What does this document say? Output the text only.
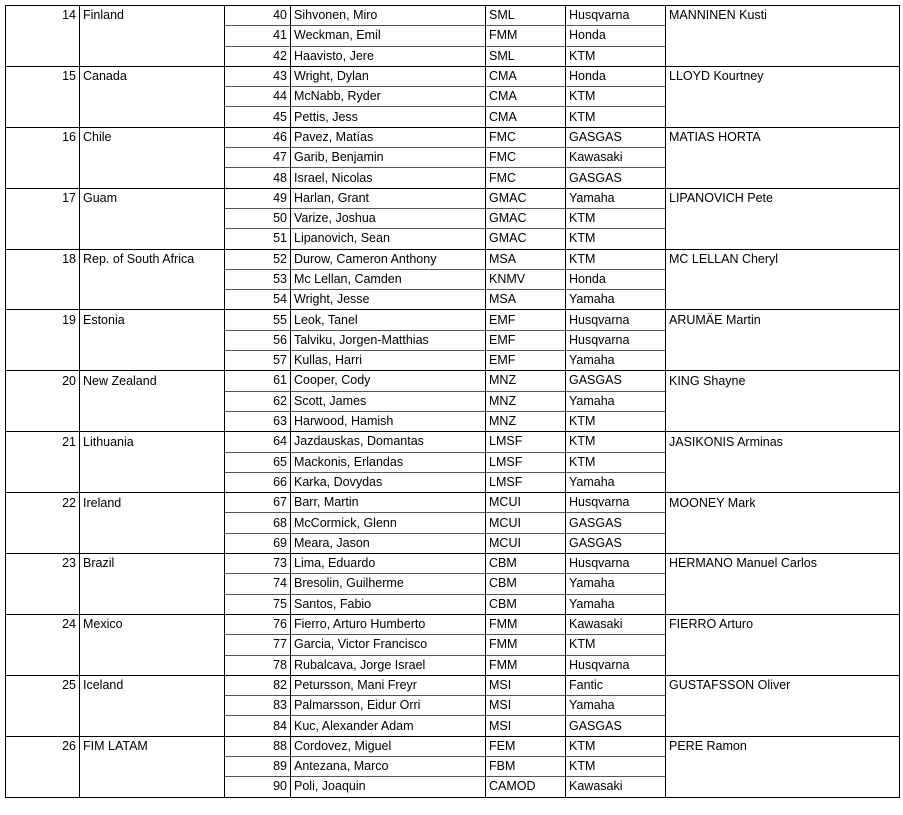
14	Finland	40	Sihvonen, Miro	SML	Husqvarna	MANNINEN Kusti
		41	Weckman, Emil	FMM	Honda	
		42	Haavisto, Jere	SML	KTM	
15	Canada	43	Wright, Dylan	CMA	Honda	LLOYD Kourtney
		44	McNabb, Ryder	CMA	KTM	
		45	Pettis, Jess	CMA	KTM	
16	Chile	46	Pavez, Matías	FMC	GASGAS	MATIAS HORTA
		47	Garib, Benjamin	FMC	Kawasaki	
		48	Israel, Nicolas	FMC	GASGAS	
17	Guam	49	Harlan, Grant	GMAC	Yamaha	LIPANOVICH Pete
		50	Varize, Joshua	GMAC	KTM	
		51	Lipanovich, Sean	GMAC	KTM	
18	Rep. of South Africa	52	Durow, Cameron Anthony	MSA	KTM	MC LELLAN Cheryl
		53	Mc Lellan, Camden	KNMV	Honda	
		54	Wright, Jesse	MSA	Yamaha	
19	Estonia	55	Leok, Tanel	EMF	Husqvarna	ARUMÄE Martin
		56	Talviku, Jorgen-Matthias	EMF	Husqvarna	
		57	Kullas, Harri	EMF	Yamaha	
20	New Zealand	61	Cooper, Cody	MNZ	GASGAS	KING Shayne
		62	Scott, James	MNZ	Yamaha	
		63	Harwood, Hamish	MNZ	KTM	
21	Lithuania	64	Jazdauskas, Domantas	LMSF	KTM	JASIKONIS Arminas
		65	Mackonis, Erlandas	LMSF	KTM	
		66	Karka, Dovydas	LMSF	Yamaha	
22	Ireland	67	Barr, Martin	MCUI	Husqvarna	MOONEY Mark
		68	McCormick, Glenn	MCUI	GASGAS	
		69	Meara, Jason	MCUI	GASGAS	
23	Brazil	73	Lima, Eduardo	CBM	Husqvarna	HERMANO Manuel Carlos
		74	Bresolin, Guilherme	CBM	Yamaha	
		75	Santos, Fabio	CBM	Yamaha	
24	Mexico	76	Fierro, Arturo Humberto	FMM	Kawasaki	FIERRO Arturo
		77	Garcia, Victor Francisco	FMM	KTM	
		78	Rubalcava, Jorge Israel	FMM	Husqvarna	
25	Iceland	82	Petursson, Mani Freyr	MSI	Fantic	GUSTAFSSON Oliver
		83	Palmarsson, Eidur Orri	MSI	Yamaha	
		84	Kuc, Alexander Adam	MSI	GASGAS	
26	FIM LATAM	88	Cordovez, Miguel	FEM	KTM	PERE Ramon
		89	Antezana, Marco	FBM	KTM	
		90	Poli, Joaquin	CAMOD	Kawasaki	
